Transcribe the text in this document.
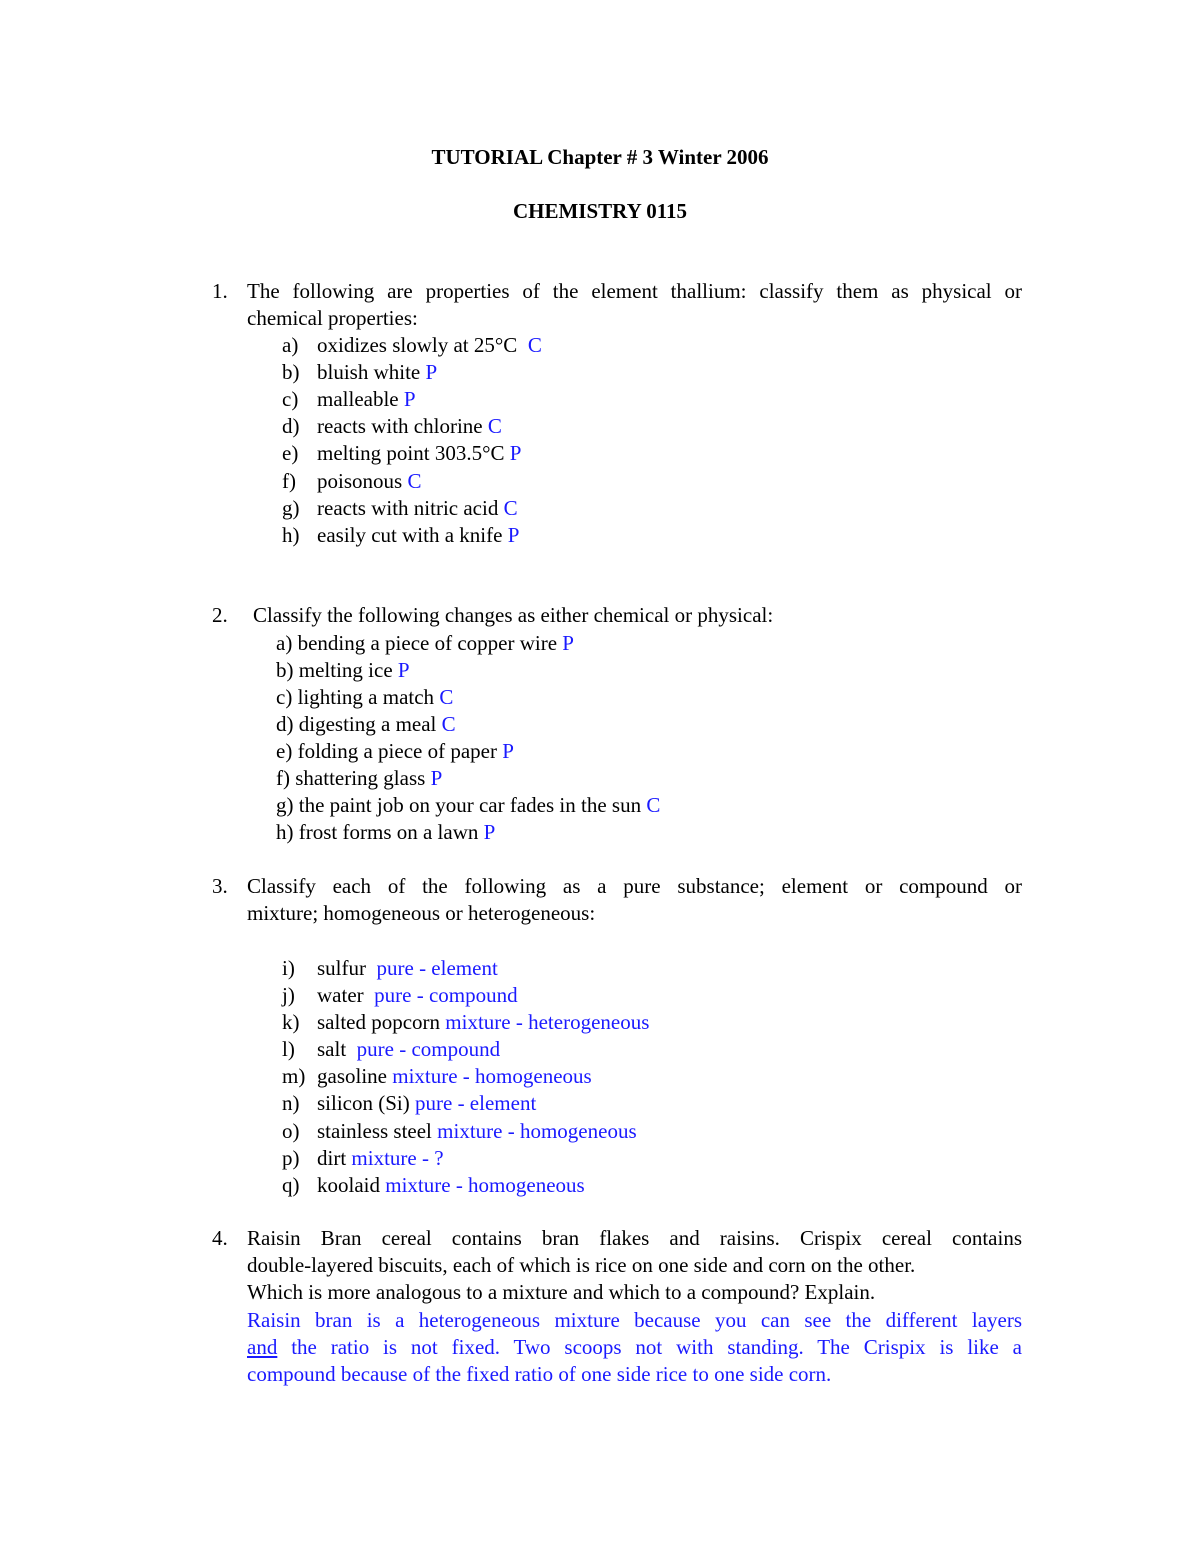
TUTORIAL Chapter # 3 Winter 2006
CHEMISTRY 0115
1. The following are properties of the element thallium: classify them as physical or
chemical properties:
a) oxidizes slowly at 25°C C
b) bluish white P
c) malleable P
d) reacts with chlorine C
e) melting point 303.5°C P
f) poisonous C
g) reacts with nitric acid C
h) easily cut with a knife P
2. Classify the following changes as either chemical or physical:
a) bending a piece of copper wire P
b) melting ice P
c) lighting a match C
d) digesting a meal C
e) folding a piece of paper P
f) shattering glass P
g) the paint job on your car fades in the sun C
h) frost forms on a lawn P
3. Classify each of the following as a pure substance; element or compound or
mixture; homogeneous or heterogeneous:
i) sulfur pure - element
j) water pure - compound
k) salted popcorn mixture - heterogeneous
l) salt pure - compound
m) gasoline mixture - homogeneous
n) silicon (Si) pure - element
o) stainless steel mixture - homogeneous
p) dirt mixture - ?
q) koolaid mixture - homogeneous
4. Raisin Bran cereal contains bran flakes and raisins. Crispix cereal contains
double-layered biscuits, each of which is rice on one side and corn on the other.
Which is more analogous to a mixture and which to a compound? Explain.
Raisin bran is a heterogeneous mixture because you can see the different layers
and the ratio is not fixed. Two scoops not with standing. The Crispix is like a
compound because of the fixed ratio of one side rice to one side corn.
